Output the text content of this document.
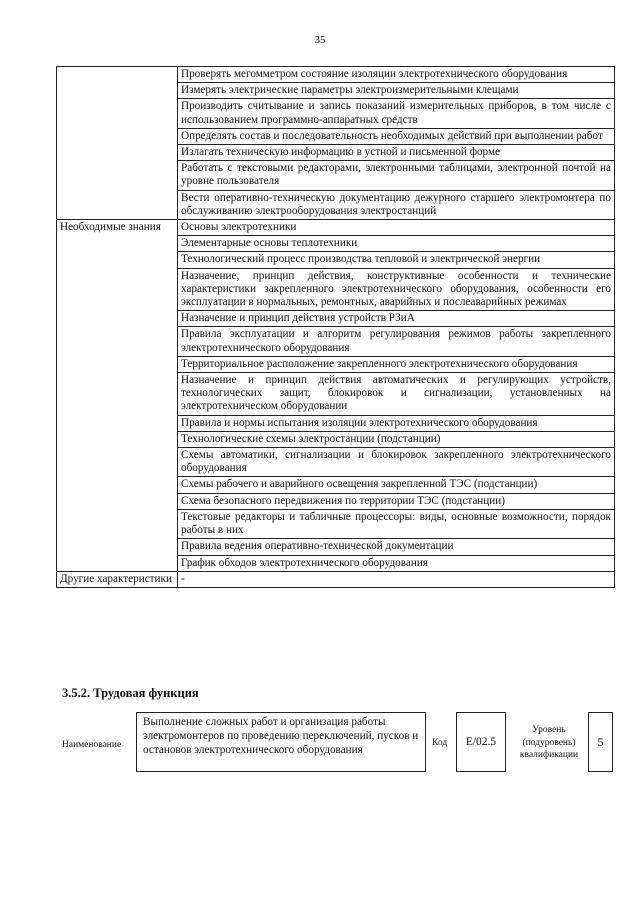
35
	Проверять мегомметром состояние изоляции электротехнического оборудования
	Измерять электрические параметры электроизмерительными клещами
	Производить считывание и запись показаний измерительных приборов, в том числе с использованием программно-аппаратных средств
	Определять состав и последовательность необходимых действий при выполнении работ
	Излагать техническую информацию в устной и письменной форме
	Работать с текстовыми редакторами, электронными таблицами, электронной почтой на уровне пользователя
	Вести оперативно-техническую документацию дежурного старшего электромонтера по обслуживанию электрооборудования электростанций
Необходимые знания	Основы электротехники
	Элементарные основы теплотехники
	Технологический процесс производства тепловой и электрической энергии
	Назначение, принцип действия, конструктивные особенности и технические характеристики закрепленного электротехнического оборудования, особенности его эксплуатации в нормальных, ремонтных, аварийных и послеаварийных режимах
	Назначение и принцип действия устройств РЗиА
	Правила эксплуатации и алгоритм регулирования режимов работы закрепленного электротехнического оборудования
	Территориальное расположение закрепленного электротехнического оборудования
	Назначение и принцип действия автоматических и регулирующих устройств, технологических защит, блокировок и сигнализации, установленных на электротехническом оборудовании
	Правила и нормы испытания изоляции электротехнического оборудования
	Технологические схемы электростанции (подстанции)
	Схемы автоматики, сигнализации и блокировок закрепленного электротехнического оборудования
	Схемы рабочего и аварийного освещения закрепленной ТЭС (подстанции)
	Схема безопасного передвижения по территории ТЭС (подстанции)
	Текстовые редакторы и табличные процессоры: виды, основные возможности, порядок работы в них
	Правила ведения оперативно-технической документации
	График обходов электротехнического оборудования
Другие характеристики	-
3.5.2. Трудовая функция
Наименование
Выполнение сложных работ и организация работы электромонтеров по проведению переключений, пусков и остановов электротехнического оборудования
Код	E/02.5
Уровень (подуровень) квалификации
5
